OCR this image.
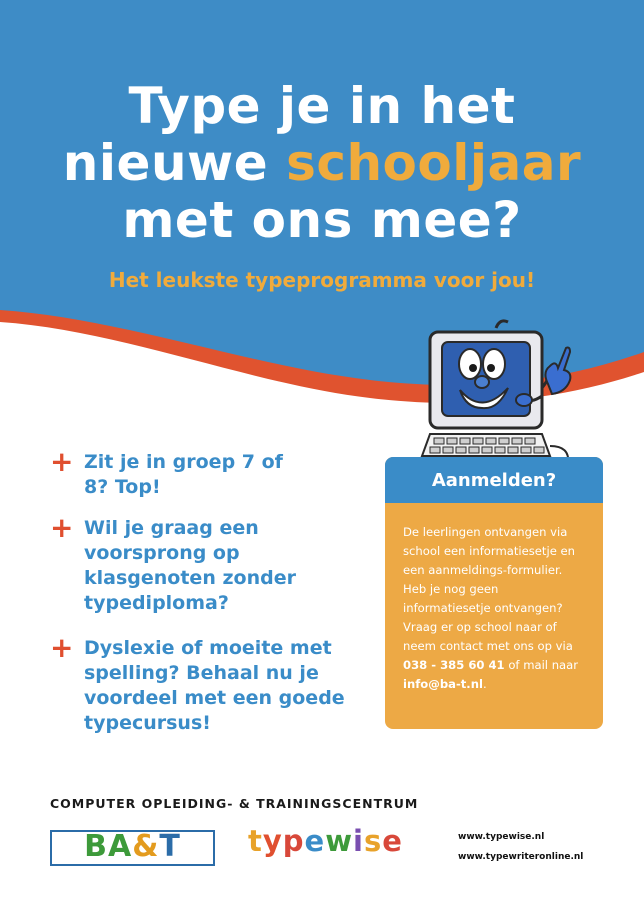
Type je in het
nieuwe schooljaar
met ons mee?
Het leukste typeprogramma voor jou!
+ Zit je in groep 7 of 8? Top!
+ Wil je graag een voorsprong op klasgenoten zonder typediploma?
+ Dyslexie of moeite met spelling? Behaal nu je voordeel met een goede typecursus!
Aanmelden?
De leerlingen ontvangen via school een informatiesetje en een aanmeldings-formulier. Heb je nog geen informatiesetje ontvangen? Vraag er op school naar of neem contact met ons op via 038 - 385 60 41 of mail naar info@ba-t.nl.
COMPUTER OPLEIDING- & TRAININGSCENTRUM
BA&T	typewise	www.typewise.nl
www.typewriteronline.nl
